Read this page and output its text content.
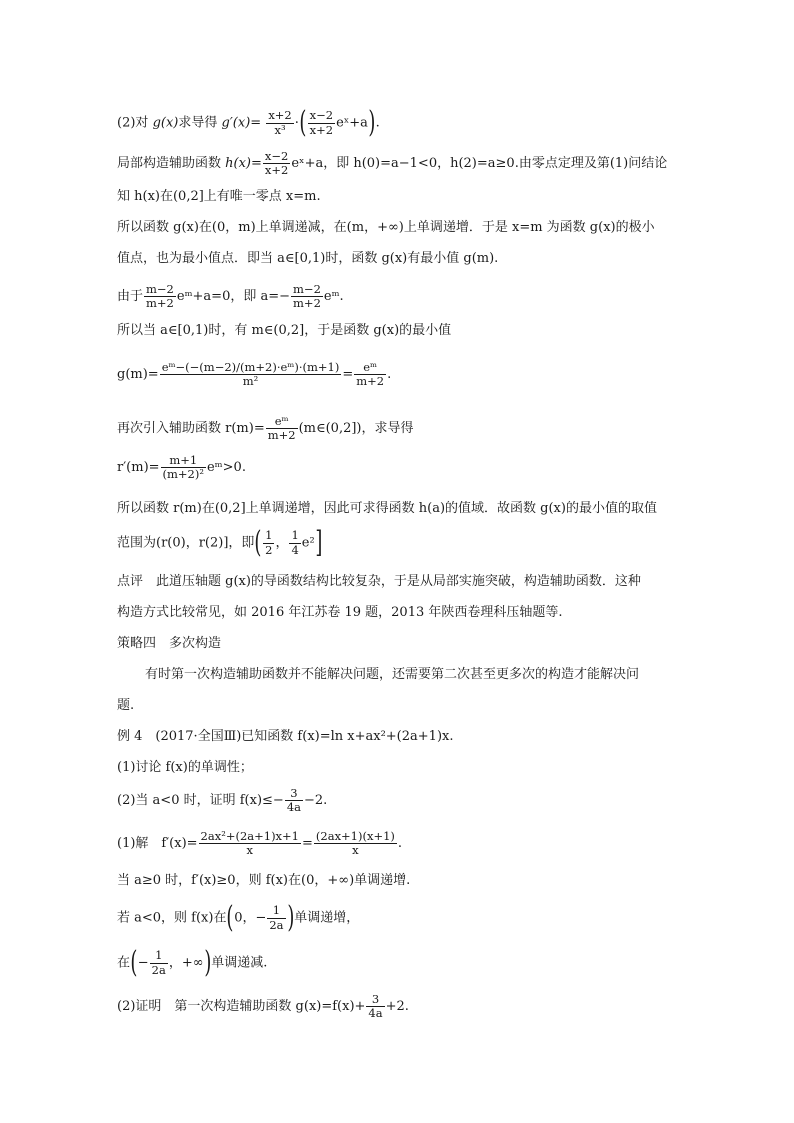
(2)对 g(x)求导得 $g'(x)= \frac{x+2}{\text{x³}}$ ·( $\frac{x-2}{x+2}$ eˣ+a).
局部构造辅助函数 $h(x)= \frac{x-2}{x+2}$ eˣ+a，即 h(0)=a−1<0，h(2)=a≥0.由零点定理及第(1)问结论
知 h(x)在(0,2]上有唯一零点 x=m.
所以函数 g(x)在(0，m)上单调递减，在(m，+∞)上单调递增．于是 x=m 为函数 g(x)的极小
值点，也为最小值点．即当 a∈[0,1)时，函数 g(x)有最小值 g(m).
由于 $\frac{m-2}{m+2}$ eᵐ+a=0，即 $a=- \frac{m-2}{m+2}$ eᵐ.
所以当 a∈[0,1)时，有 m∈(0,2]，于是函数 g(x)的最小值
$g(m)= \frac{\text{eᵐ−(−(m−2)/(m+2)·eᵐ)·(m+1)}}{\text{m²}} = \frac{\text{eᵐ}}{m+2}$ .
再次引入辅助函数 $r(m)= \frac{\text{eᵐ}}{m+2}$ (m∈(0,2])，求导得
$r'(m)= \frac{m+1}{\text{(m+2)²}}$ eᵐ>0.
所以函数 r(m)在(0,2]上单调递增，因此可求得函数 h(a)的值域．故函数 g(x)的最小值的取值
范围为(r(0)，r(2)]，即( $\frac{1}{2}$ ， $\frac{1}{4} e^2$]
点评　此道压轴题 g(x)的导函数结构比较复杂，于是从局部实施突破，构造辅助函数．这种
构造方式比较常见，如 2016 年江苏卷 19 题，2013 年陕西卷理科压轴题等.
策略四　多次构造
有时第一次构造辅助函数并不能解决问题，还需要第二次甚至更多次的构造才能解决问
题.
例 4　(2017·全国Ⅲ)已知函数 f(x)=ln x+ax²+(2a+1)x.
(1)讨论 f(x)的单调性；
(2)当 a<0 时，证明 $f(x)\le- \frac{3}{4a} -2$.
(1)解　$f'(x)= \frac{\text{2ax²+(2a+1)x+1}}{x} = \frac{(2ax+1)(x+1)}{x}$ .
当 a≥0 时，f′(x)≥0，则 f(x)在(0，+∞)单调递增.
若 a<0，则 f(x)在(0，− $\frac{1}{2a}$ )单调递增，
在(− $\frac{1}{2a}$ ，+∞)单调递减.
(2)证明　第一次构造辅助函数 $g(x)=f(x)+ \frac{3}{4a} +2$.
